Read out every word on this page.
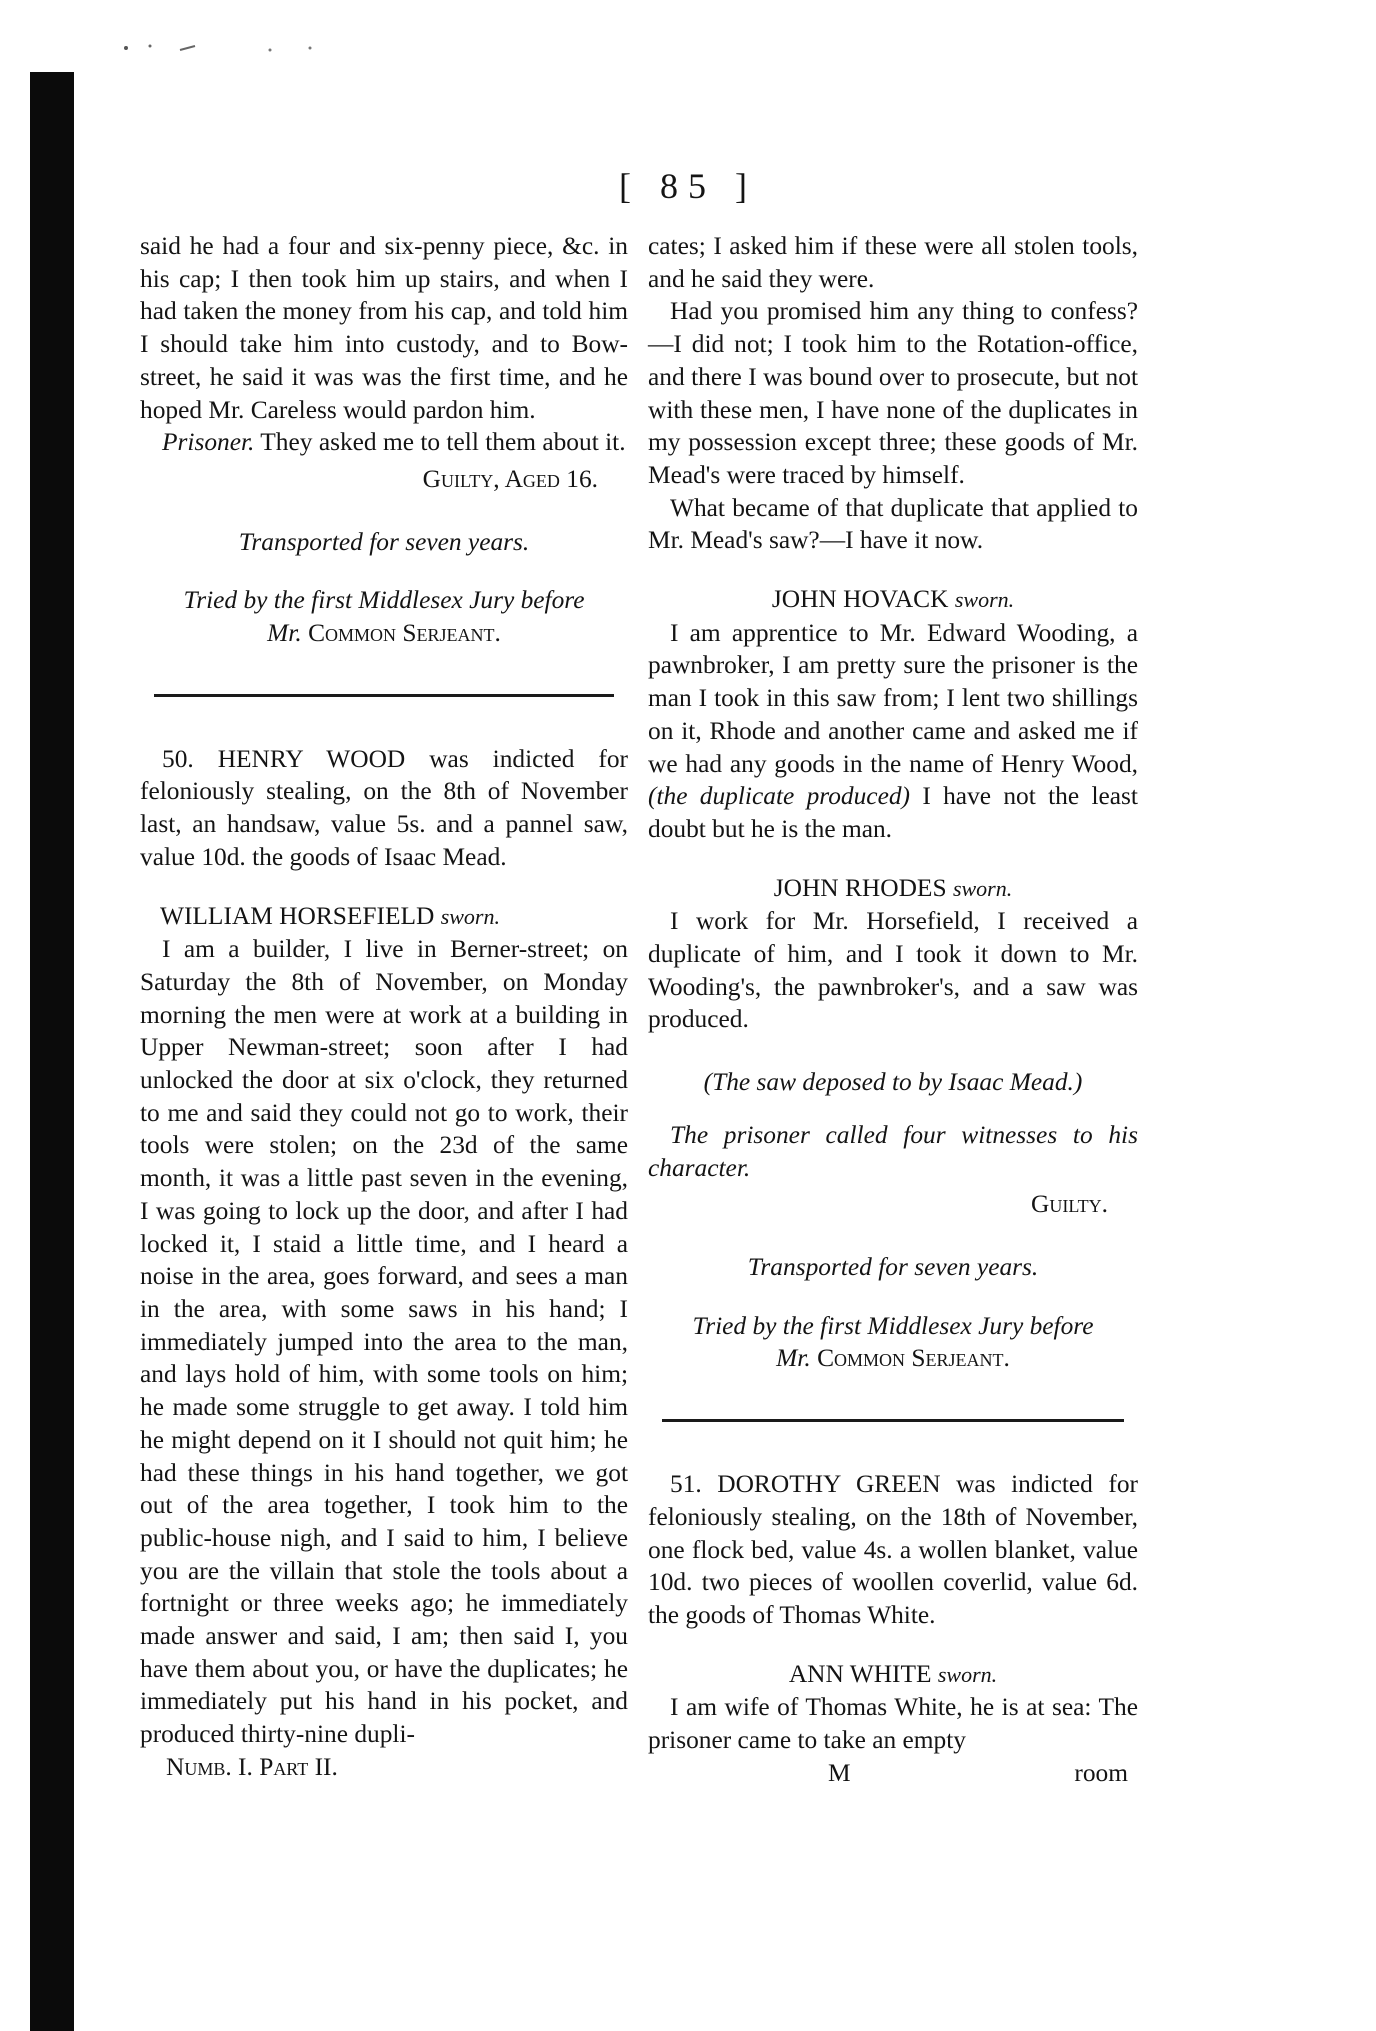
[ 85 ]

said he had a four and six-penny piece, &c. in his cap; I then took him up stairs, and when I had taken the money from his cap, and told him I should take him into custody, and to Bow-street, he said it was was the first time, and he hoped Mr. Careless would pardon him.

Prisoner. They asked me to tell them about it.

Guilty, Aged 16.
Transported for seven years.
Tried by the first Middlesex Jury before
Mr. Common Serjeant.

50. HENRY WOOD was indicted for feloniously stealing, on the 8th of November last, an handsaw, value 5s. and a pannel saw, value 10d. the goods of Isaac Mead.

WILLIAM HORSEFIELD sworn.

I am a builder, I live in Berner-street; on Saturday the 8th of November, on Monday morning the men were at work at a building in Upper Newman-street; soon after I had unlocked the door at six o'clock, they returned to me and said they could not go to work, their tools were stolen; on the 23d of the same month, it was a little past seven in the evening, I was going to lock up the door, and after I had locked it, I staid a little time, and I heard a noise in the area, goes forward, and sees a man in the area, with some saws in his hand; I immediately jumped into the area to the man, and lays hold of him, with some tools on him; he made some struggle to get away. I told him he might depend on it I should not quit him; he had these things in his hand together, we got out of the area together, I took him to the public-house nigh, and I said to him, I believe you are the villain that stole the tools about a fortnight or three weeks ago; he immediately made answer and said, I am; then said I, you have them about you, or have the duplicates; he immediately put his hand in his pocket, and produced thirty-nine dupli-

Numb. I. Part II.

cates; I asked him if these were all stolen tools, and he said they were.

Had you promised him any thing to confess?—I did not; I took him to the Rotation-office, and there I was bound over to prosecute, but not with these men, I have none of the duplicates in my possession except three; these goods of Mr. Mead's were traced by himself.

What became of that duplicate that applied to Mr. Mead's saw?—I have it now.

JOHN HOVACK sworn.

I am apprentice to Mr. Edward Wooding, a pawnbroker, I am pretty sure the prisoner is the man I took in this saw from; I lent two shillings on it, Rhode and another came and asked me if we had any goods in the name of Henry Wood, (the duplicate produced) I have not the least doubt but he is the man.

JOHN RHODES sworn.

I work for Mr. Horsefield, I received a duplicate of him, and I took it down to Mr. Wooding's, the pawnbroker's, and a saw was produced.

(The saw deposed to by Isaac Mead.)

The prisoner called four witnesses to his character.

Guilty.
Transported for seven years.
Tried by the first Middlesex Jury before
Mr. Common Serjeant.

51. DOROTHY GREEN was indicted for feloniously stealing, on the 18th of November, one flock bed, value 4s. a wollen blanket, value 10d. two pieces of woollen coverlid, value 6d. the goods of Thomas White.

ANN WHITE sworn.

I am wife of Thomas White, he is at sea: The prisoner came to take an empty

M	room
